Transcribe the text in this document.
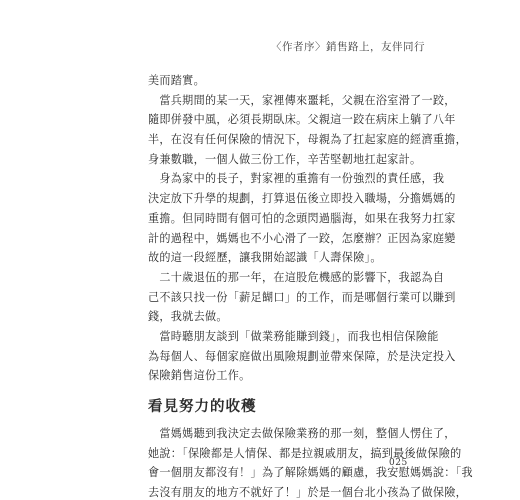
〈作者序〉銷售路上，友伴同行

美而踏實。

　當兵期間的某一天，家裡傳來噩耗，父親在浴室滑了一跤，
隨即併發中風，必須長期臥床。父親這一跤在病床上躺了八年
半，在沒有任何保險的情況下，母親為了扛起家庭的經濟重擔，
身兼數職，一個人做三份工作，辛苦堅韌地扛起家計。

　身為家中的長子，對家裡的重擔有一份強烈的責任感，我
決定放下升學的規劃，打算退伍後立即投入職場，分擔媽媽的
重擔。但同時間有個可怕的念頭閃過腦海，如果在我努力扛家
計的過程中，媽媽也不小心滑了一跤，怎麼辦？正因為家庭變
故的這一段經歷，讓我開始認識「人壽保險」。

　二十歲退伍的那一年，在這股危機感的影響下，我認為自
己不該只找一份「薪足餬口」的工作，而是哪個行業可以賺到
錢，我就去做。

　當時聽朋友談到「做業務能賺到錢」，而我也相信保險能
為每個人、每個家庭做出風險規劃並帶來保障，於是決定投入
保險銷售這份工作。

看見努力的收穫

　當媽媽聽到我決定去做保險業務的那一刻，整個人愣住了，
她說：「保險都是人情保、都是拉親戚朋友，搞到最後做保險的
會一個朋友都沒有！」為了解除媽媽的顧慮，我安慰媽媽說：「我
去沒有朋友的地方不就好了！」於是一個台北小孩為了做保險，

025
